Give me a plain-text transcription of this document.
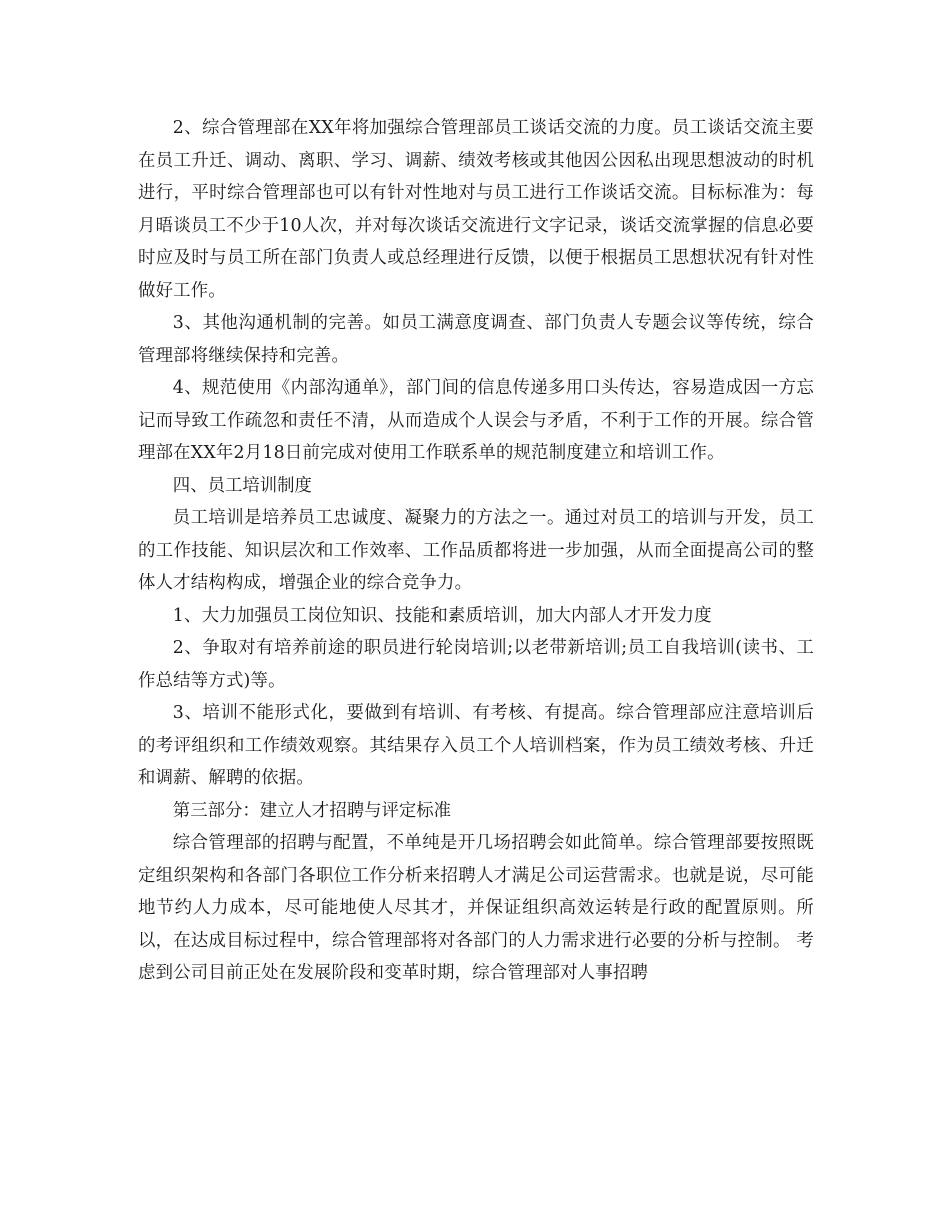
2、综合管理部在XX年将加强综合管理部员工谈话交流的力度。员工谈话交流主要在员工升迁、调动、离职、学习、调薪、绩效考核或其他因公因私出现思想波动的时机进行，平时综合管理部也可以有针对性地对与员工进行工作谈话交流。目标标准为：每月晤谈员工不少于10人次，并对每次谈话交流进行文字记录，谈话交流掌握的信息必要时应及时与员工所在部门负责人或总经理进行反馈，以便于根据员工思想状况有针对性做好工作。

3、其他沟通机制的完善。如员工满意度调查、部门负责人专题会议等传统，综合管理部将继续保持和完善。

4、规范使用《内部沟通单》，部门间的信息传递多用口头传达，容易造成因一方忘记而导致工作疏忽和责任不清，从而造成个人误会与矛盾，不利于工作的开展。综合管理部在XX年2月18日前完成对使用工作联系单的规范制度建立和培训工作。

四、员工培训制度

员工培训是培养员工忠诚度、凝聚力的方法之一。通过对员工的培训与开发，员工的工作技能、知识层次和工作效率、工作品质都将进一步加强，从而全面提高公司的整体人才结构构成，增强企业的综合竞争力。

1、大力加强员工岗位知识、技能和素质培训，加大内部人才开发力度

2、争取对有培养前途的职员进行轮岗培训;以老带新培训;员工自我培训(读书、工作总结等方式)等。

3、培训不能形式化，要做到有培训、有考核、有提高。综合管理部应注意培训后的考评组织和工作绩效观察。其结果存入员工个人培训档案，作为员工绩效考核、升迁和调薪、解聘的依据。

第三部分：建立人才招聘与评定标准

综合管理部的招聘与配置，不单纯是开几场招聘会如此简单。综合管理部要按照既定组织架构和各部门各职位工作分析来招聘人才满足公司运营需求。也就是说，尽可能地节约人力成本，尽可能地使人尽其才，并保证组织高效运转是行政的配置原则。所以，在达成目标过程中，综合管理部将对各部门的人力需求进行必要的分析与控制。 考虑到公司目前正处在发展阶段和变革时期，综合管理部对人事招聘
